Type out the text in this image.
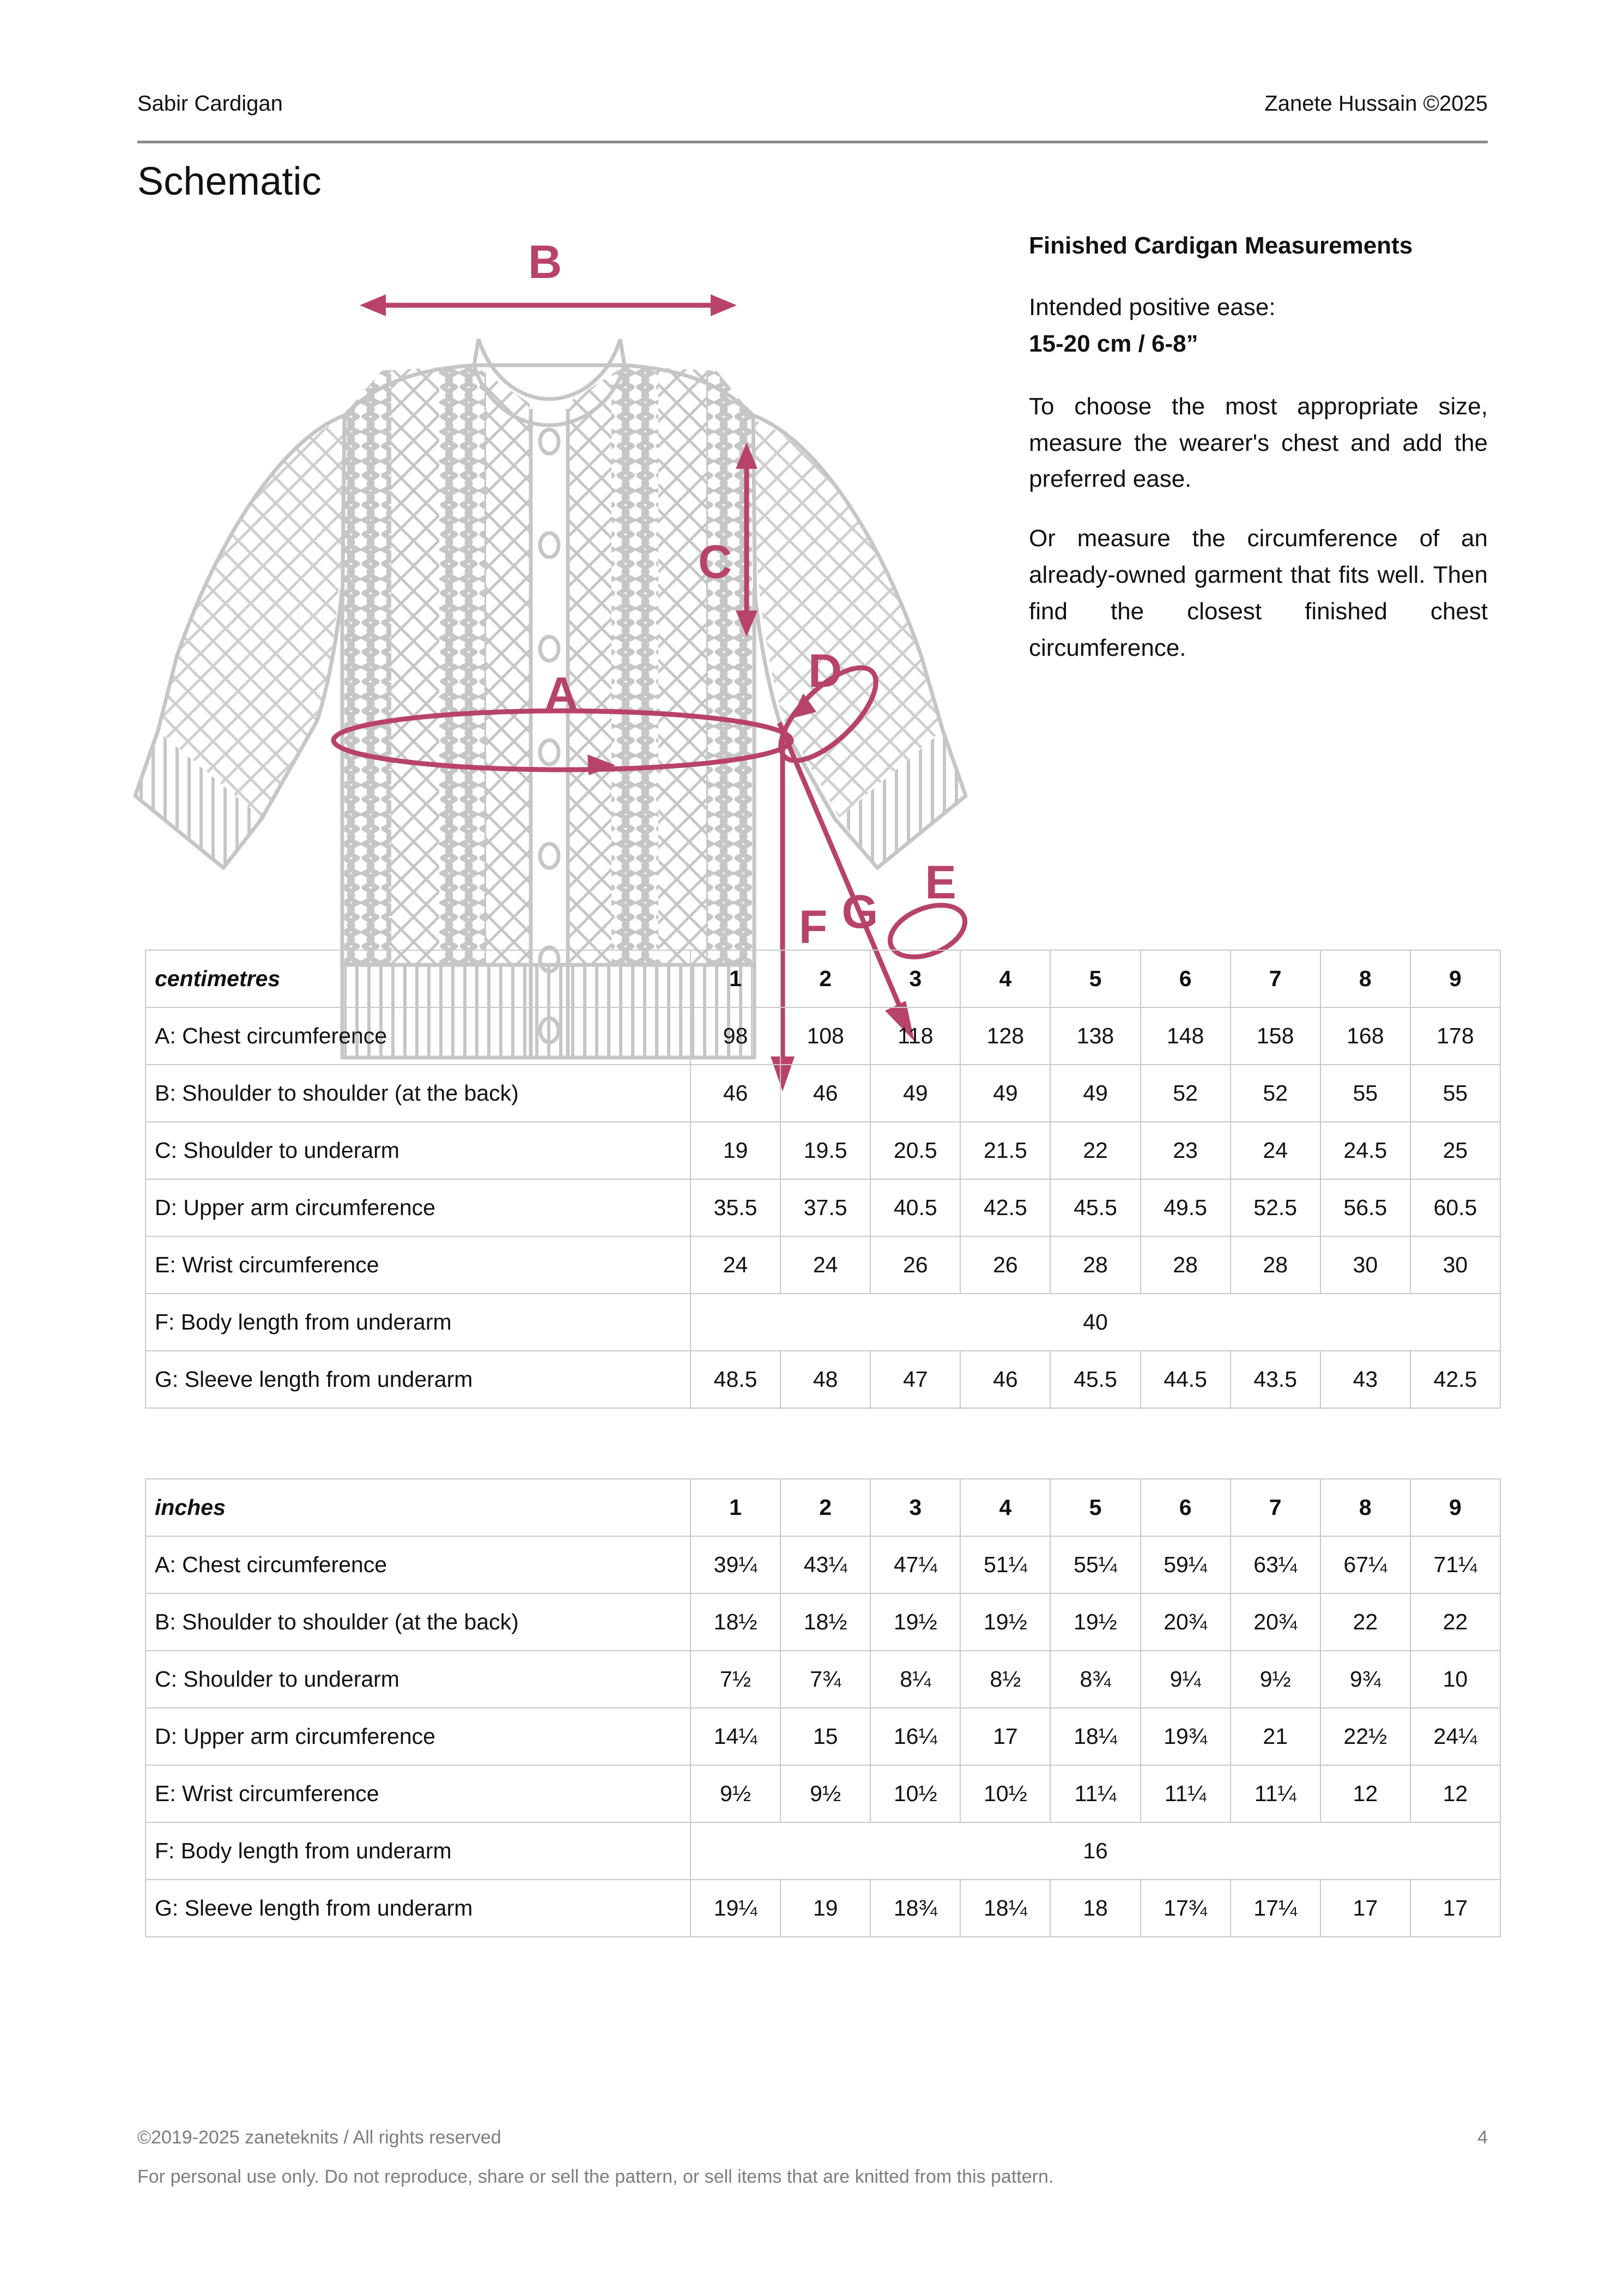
Sabir Cardigan	Zanete Hussain ©2025
Schematic
B
C
A	D
E
F G

Finished Cardigan Measurements

Intended positive ease:
15-20 cm / 6-8”

To choose the most appropriate size, measure the wearer's chest and add the preferred ease.

Or measure the circumference of an already-owned garment that fits well. Then find the closest finished chest circumference.

centimetres	1	2	3	4	5	6	7	8	9
A: Chest circumference	98	108	118	128	138	148	158	168	178
B: Shoulder to shoulder (at the back)	46	46	49	49	49	52	52	55	55
C: Shoulder to underarm	19	19.5	20.5	21.5	22	23	24	24.5	25
D: Upper arm circumference	35.5	37.5	40.5	42.5	45.5	49.5	52.5	56.5	60.5
E: Wrist circumference	24	24	26	26	28	28	28	30	30
F: Body length from underarm	40								
G: Sleeve length from underarm	48.5	48	47	46	45.5	44.5	43.5	43	42.5
inches	1	2	3	4	5	6	7	8	9
A: Chest circumference	39¼	43¼	47¼	51¼	55¼	59¼	63¼	67¼	71¼
B: Shoulder to shoulder (at the back)	18½	18½	19½	19½	19½	20¾	20¾	22	22
C: Shoulder to underarm	7½	7¾	8¼	8½	8¾	9¼	9½	9¾	10
D: Upper arm circumference	14¼	15	16¼	17	18¼	19¾	21	22½	24¼
E: Wrist circumference	9½	9½	10½	10½	11¼	11¼	11¼	12	12
F: Body length from underarm	16								
G: Sleeve length from underarm	19¼	19	18¾	18¼	18	17¾	17¼	17	17
©2019-2025 zaneteknits / All rights reserved	4
For personal use only. Do not reproduce, share or sell the pattern, or sell items that are knitted from this pattern.
